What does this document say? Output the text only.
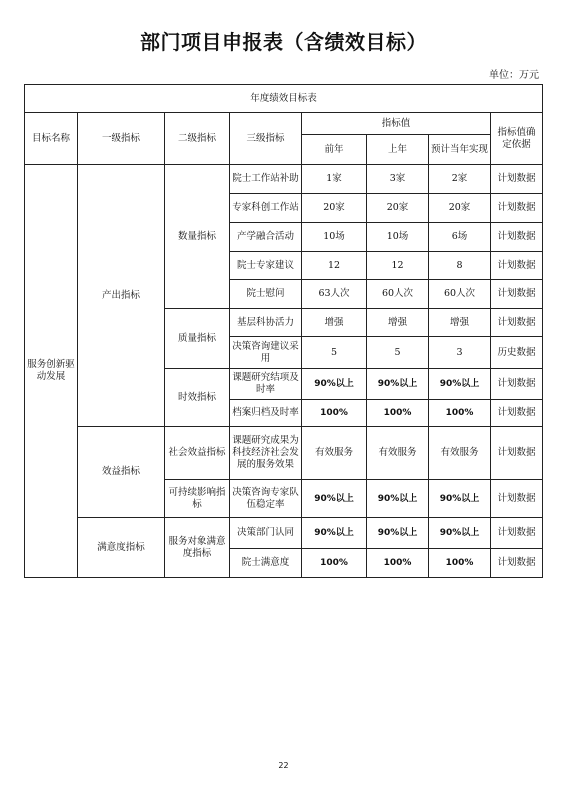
部门项目申报表（含绩效目标）
单位：万元
年度绩效目标表							
目标名称	一级指标	二级指标	三级指标	指标值			指标值确定依据
				前年	上年	预计当年实现	
服务创新驱动发展	产出指标	数量指标	院士工作站补助	1家	3家	2家	计划数据
			专家科创工作站	20家	20家	20家	计划数据
			产学融合活动	10场	10场	6场	计划数据
			院士专家建议	12	12	8	计划数据
			院士慰问	63人次	60人次	60人次	计划数据
		质量指标	基层科协活力	增强	增强	增强	计划数据
			决策咨询建议采用	5	5	3	历史数据
		时效指标	课题研究结项及时率	90%以上	90%以上	90%以上	计划数据
			档案归档及时率	100%	100%	100%	计划数据
	效益指标	社会效益指标	课题研究成果为科技经济社会发展的服务效果	有效服务	有效服务	有效服务	计划数据
		可持续影响指标	决策咨询专家队伍稳定率	90%以上	90%以上	90%以上	计划数据
	满意度指标	服务对象满意度指标	决策部门认同	90%以上	90%以上	90%以上	计划数据
			院士满意度	100%	100%	100%	计划数据
22
